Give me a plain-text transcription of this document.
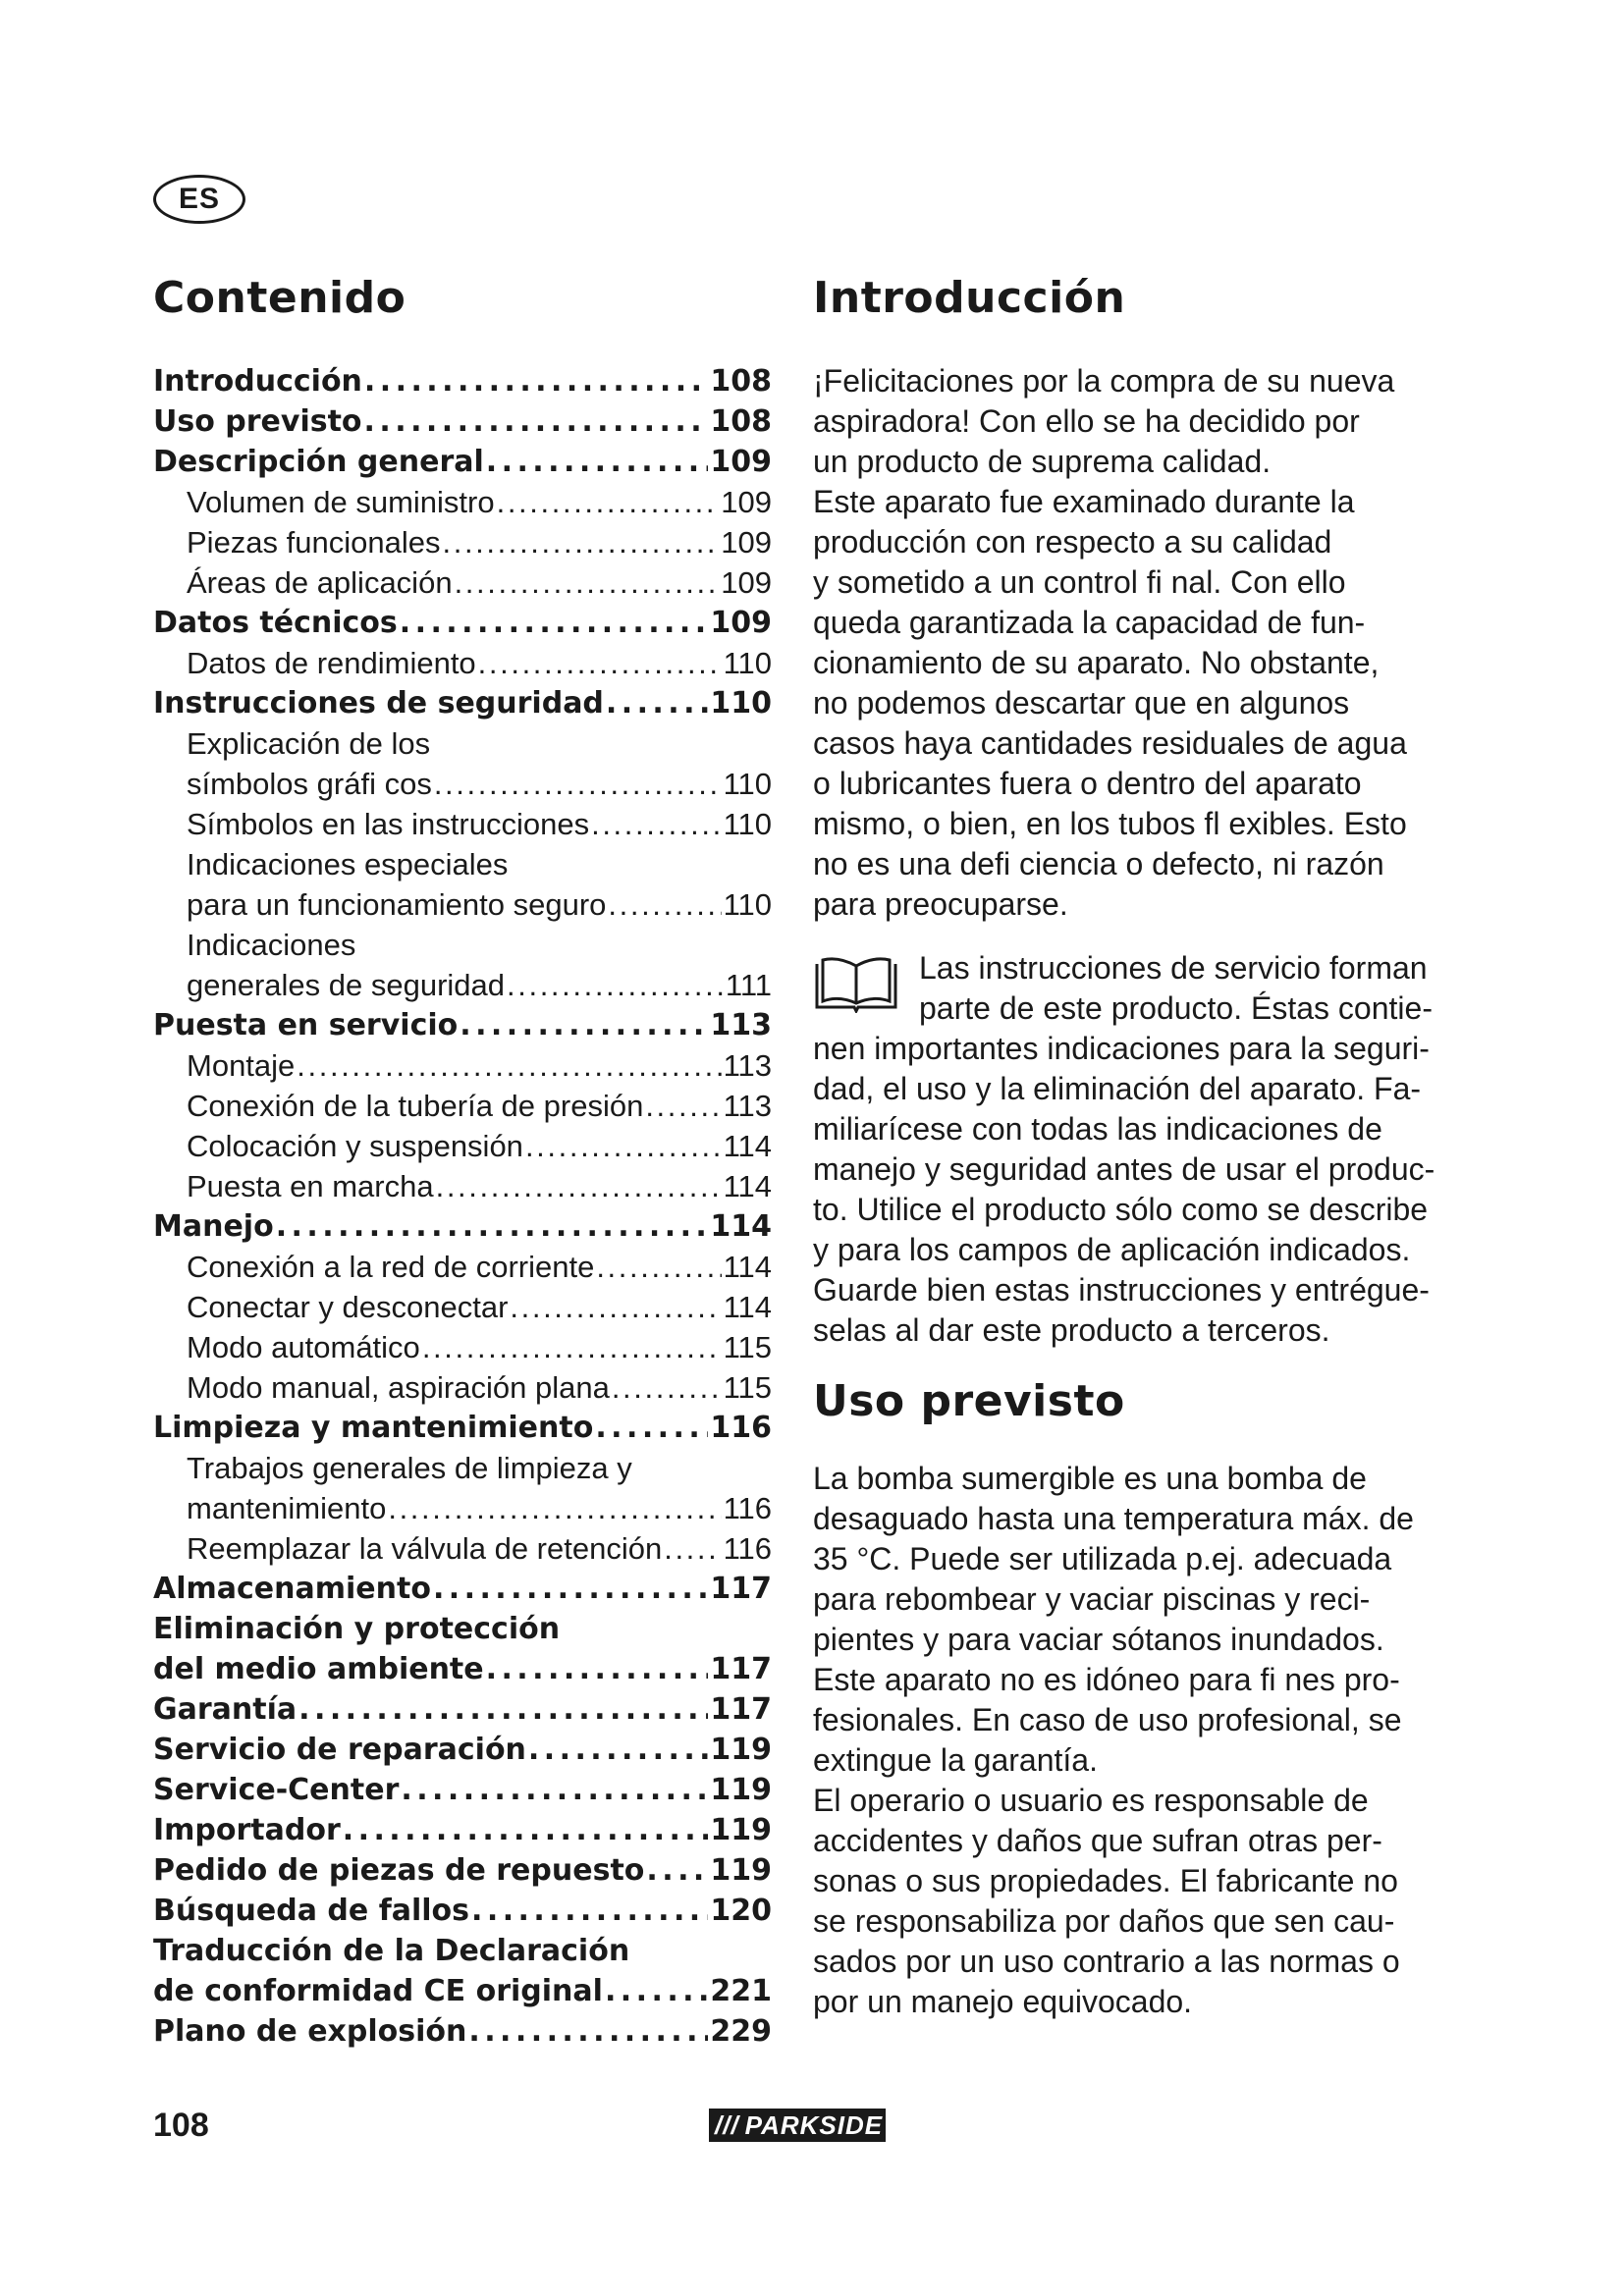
ES
Contenido
Introducción . . .	108
Uso previsto . . .	108
Descripción general . . .	109
Volumen de suministro . . .	109
Piezas funcionales . . .	109
Áreas de aplicación . . .	109
Datos técnicos . . .	109
Datos de rendimiento . . .	110
Instrucciones de seguridad . . .	110
Explicación de los
símbolos gráfi cos . . .	110
Símbolos en las instrucciones . . .	110
Indicaciones especiales
para un funcionamiento seguro . . .	110
Indicaciones
generales de seguridad . . .	111
Puesta en servicio . . .	113
Montaje . . .	113
Conexión de la tubería de presión . . .	113
Colocación y suspensión . . .	114
Puesta en marcha . . .	114
Manejo . . .	114
Conexión a la red de corriente . . .	114
Conectar y desconectar . . .	114
Modo automático . . .	115
Modo manual, aspiración plana . . .	115
Limpieza y mantenimiento . . .	116
Trabajos generales de limpieza y
mantenimiento . . .	116
Reemplazar la válvula de retención . . . 116
Almacenamiento . . .	117
Eliminación y protección
del medio ambiente . . .	117
Garantía . . .	117
Servicio de reparación . . .	119
Service-Center . . .	119
Importador . . .	119
Pedido de piezas de repuesto . . . 119
Búsqueda de fallos . . .	120
Traducción de la Declaración
de conformidad CE original . . .	221
Plano de explosión . . .	229
Introducción

¡Felicitaciones por la compra de su nueva
aspiradora! Con ello se ha decidido por
un producto de suprema calidad.
Este aparato fue examinado durante la
producción con respecto a su calidad
y sometido a un control fi nal. Con ello
queda garantizada la capacidad de fun-
cionamiento de su aparato. No obstante,
no podemos descartar que en algunos
casos haya cantidades residuales de agua
o lubricantes fuera o dentro del aparato
mismo, o bien, en los tubos fl exibles. Esto
no es una defi ciencia o defecto, ni razón
para preocuparse.

Las instrucciones de servicio forman
parte de este producto. Éstas contie-
nen importantes indicaciones para la seguri-
dad, el uso y la eliminación del aparato. Fa-
miliarícese con todas las indicaciones de
manejo y seguridad antes de usar el produc-
to. Utilice el producto sólo como se describe
y para los campos de aplicación indicados.
Guarde bien estas instrucciones y entrégue-
selas al dar este producto a terceros.

Uso previsto

La bomba sumergible es una bomba de
desaguado hasta una temperatura máx. de
35 °C. Puede ser utilizada p.ej. adecuada
para rebombear y vaciar piscinas y reci-
pientes y para vaciar sótanos inundados.
Este aparato no es idóneo para fi nes pro-
fesionales. En caso de uso profesional, se
extingue la garantía.
El operario o usuario es responsable de
accidentes y daños que sufran otras per-
sonas o sus propiedades. El fabricante no
se responsabiliza por daños que sen cau-
sados por un uso contrario a las normas o
por un manejo equivocado.

108	/// PARKSIDE
